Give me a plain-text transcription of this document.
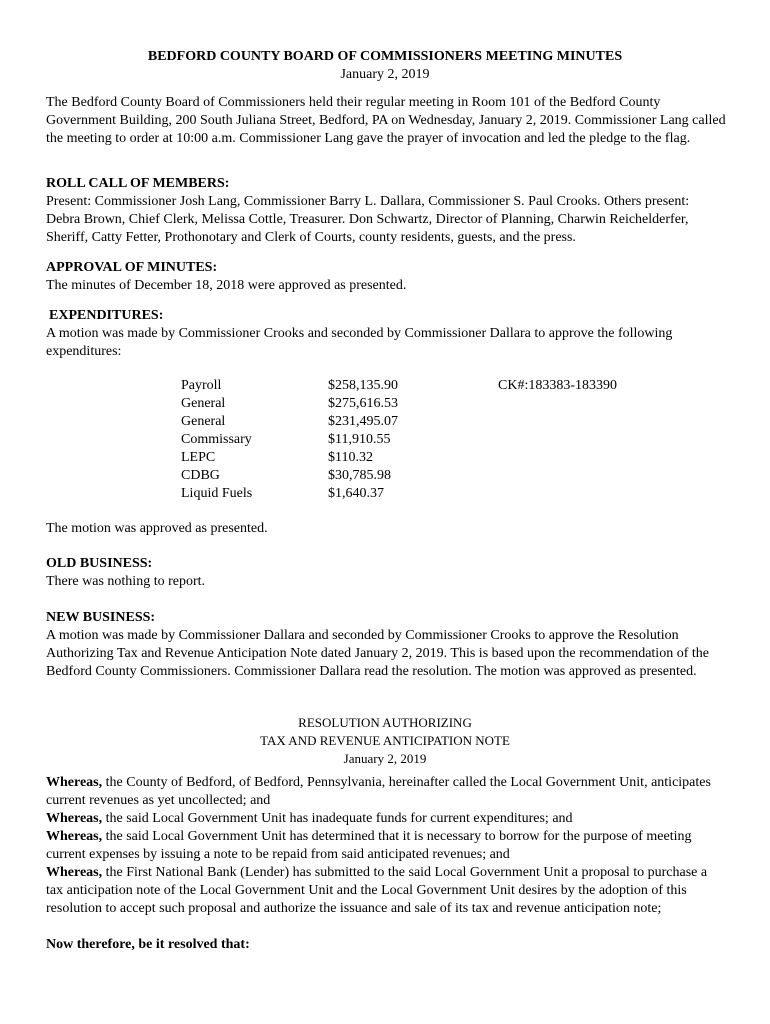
BEDFORD COUNTY BOARD OF COMMISSIONERS MEETING MINUTES
January 2, 2019
The Bedford County Board of Commissioners held their regular meeting in Room 101 of the Bedford County Government Building, 200 South Juliana Street, Bedford, PA on Wednesday, January 2, 2019. Commissioner Lang called the meeting to order at 10:00 a.m. Commissioner Lang gave the prayer of invocation and led the pledge to the flag.
ROLL CALL OF MEMBERS:
Present: Commissioner Josh Lang, Commissioner Barry L. Dallara, Commissioner S. Paul Crooks. Others present: Debra Brown, Chief Clerk, Melissa Cottle, Treasurer. Don Schwartz, Director of Planning, Charwin Reichelderfer, Sheriff, Catty Fetter, Prothonotary and Clerk of Courts, county residents, guests, and the press.
APPROVAL OF MINUTES:
The minutes of December 18, 2018 were approved as presented.
EXPENDITURES:
A motion was made by Commissioner Crooks and seconded by Commissioner Dallara to approve the following expenditures:
Payroll	$258,135.90	CK#:183383-183390
General	$275,616.53
General	$231,495.07
Commissary	$11,910.55
LEPC	$110.32
CDBG	$30,785.98
Liquid Fuels	$1,640.37
The motion was approved as presented.
OLD BUSINESS:
There was nothing to report.
NEW BUSINESS:
A motion was made by Commissioner Dallara and seconded by Commissioner Crooks to approve the Resolution Authorizing Tax and Revenue Anticipation Note dated January 2, 2019. This is based upon the recommendation of the Bedford County Commissioners. Commissioner Dallara read the resolution. The motion was approved as presented.
RESOLUTION AUTHORIZING
TAX AND REVENUE ANTICIPATION NOTE
January 2, 2019
Whereas, the County of Bedford, of Bedford, Pennsylvania, hereinafter called the Local Government Unit, anticipates current revenues as yet uncollected; and
Whereas, the said Local Government Unit has inadequate funds for current expenditures; and
Whereas, the said Local Government Unit has determined that it is necessary to borrow for the purpose of meeting current expenses by issuing a note to be repaid from said anticipated revenues; and
Whereas, the First National Bank (Lender) has submitted to the said Local Government Unit a proposal to purchase a tax anticipation note of the Local Government Unit and the Local Government Unit desires by the adoption of this resolution to accept such proposal and authorize the issuance and sale of its tax and revenue anticipation note;
Now therefore, be it resolved that:
